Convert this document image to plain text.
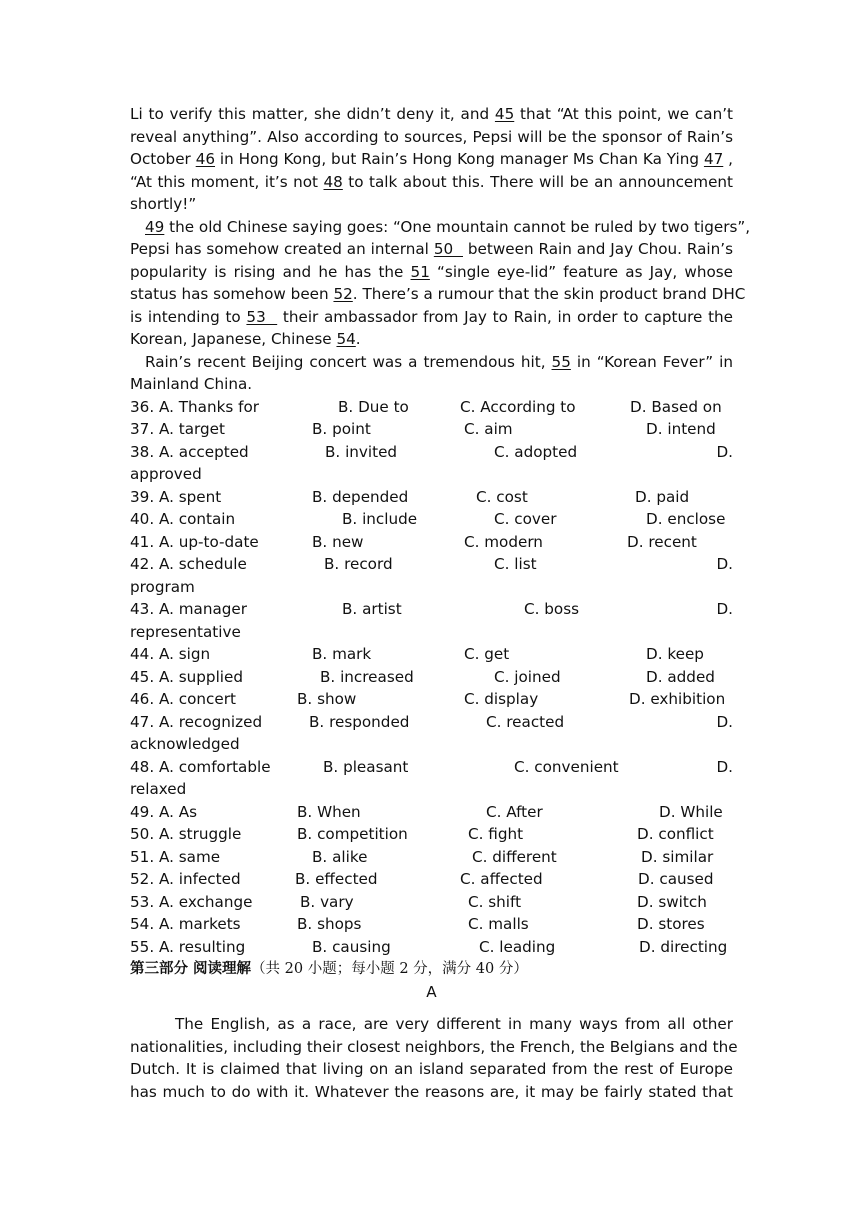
Li to verify this matter, she didn’t deny it, and 45 that “At this point, we can’t
reveal anything”. Also according to sources, Pepsi will be the sponsor of Rain’s
October 46 in Hong Kong, but Rain’s Hong Kong manager Ms Chan Ka Ying 47 ,
“At this moment, it’s not 48 to talk about this. There will be an announcement
shortly!”
49 the old Chinese saying goes: “One mountain cannot be ruled by two tigers”,
Pepsi has somehow created an internal 50   between Rain and Jay Chou. Rain’s
popularity is rising and he has the 51 “single eye-lid” feature as Jay, whose
status has somehow been 52. There’s a rumour that the skin product brand DHC
is intending to 53   their ambassador from Jay to Rain, in order to capture the
Korean, Japanese, Chinese 54.
Rain’s recent Beijing concert was a tremendous hit, 55 in “Korean Fever” in
Mainland China.
36. A. Thanks for	B. Due to	C. According to	D. Based on
37. A. target	B. point	C. aim	D. intend
38. A. accepted	B. invited	C. adopted	D.
approved
39. A. spent	B. depended	C. cost	D. paid
40. A. contain	B. include	C. cover	D. enclose
41. A. up-to-date	B. new	C. modern	D. recent
42. A. schedule	B. record	C. list	D.
program
43. A. manager	B. artist	C. boss	D.
representative
44. A. sign	B. mark	C. get	D. keep
45. A. supplied	B. increased	C. joined	D. added
46. A. concert	B. show	C. display	D. exhibition
47. A. recognized	B. responded	C. reacted	D.
acknowledged
48. A. comfortable	B. pleasant	C. convenient	D.
relaxed
49. A. As	B. When	C. After	D. While
50. A. struggle	B. competition	C. fight	D. conflict
51. A. same	B. alike	C. different	D. similar
52. A. infected	B. effected	C. affected	D. caused
53. A. exchange	B. vary	C. shift	D. switch
54. A. markets	B. shops	C. malls	D. stores
55. A. resulting	B. causing	C. leading	D. directing
第三部分 阅读理解（共 20 小题；每小题 2 分，满分 40 分）
A
The English, as a race, are very different in many ways from all other
nationalities, including their closest neighbors, the French, the Belgians and the
Dutch. It is claimed that living on an island separated from the rest of Europe
has much to do with it. Whatever the reasons are, it may be fairly stated that
